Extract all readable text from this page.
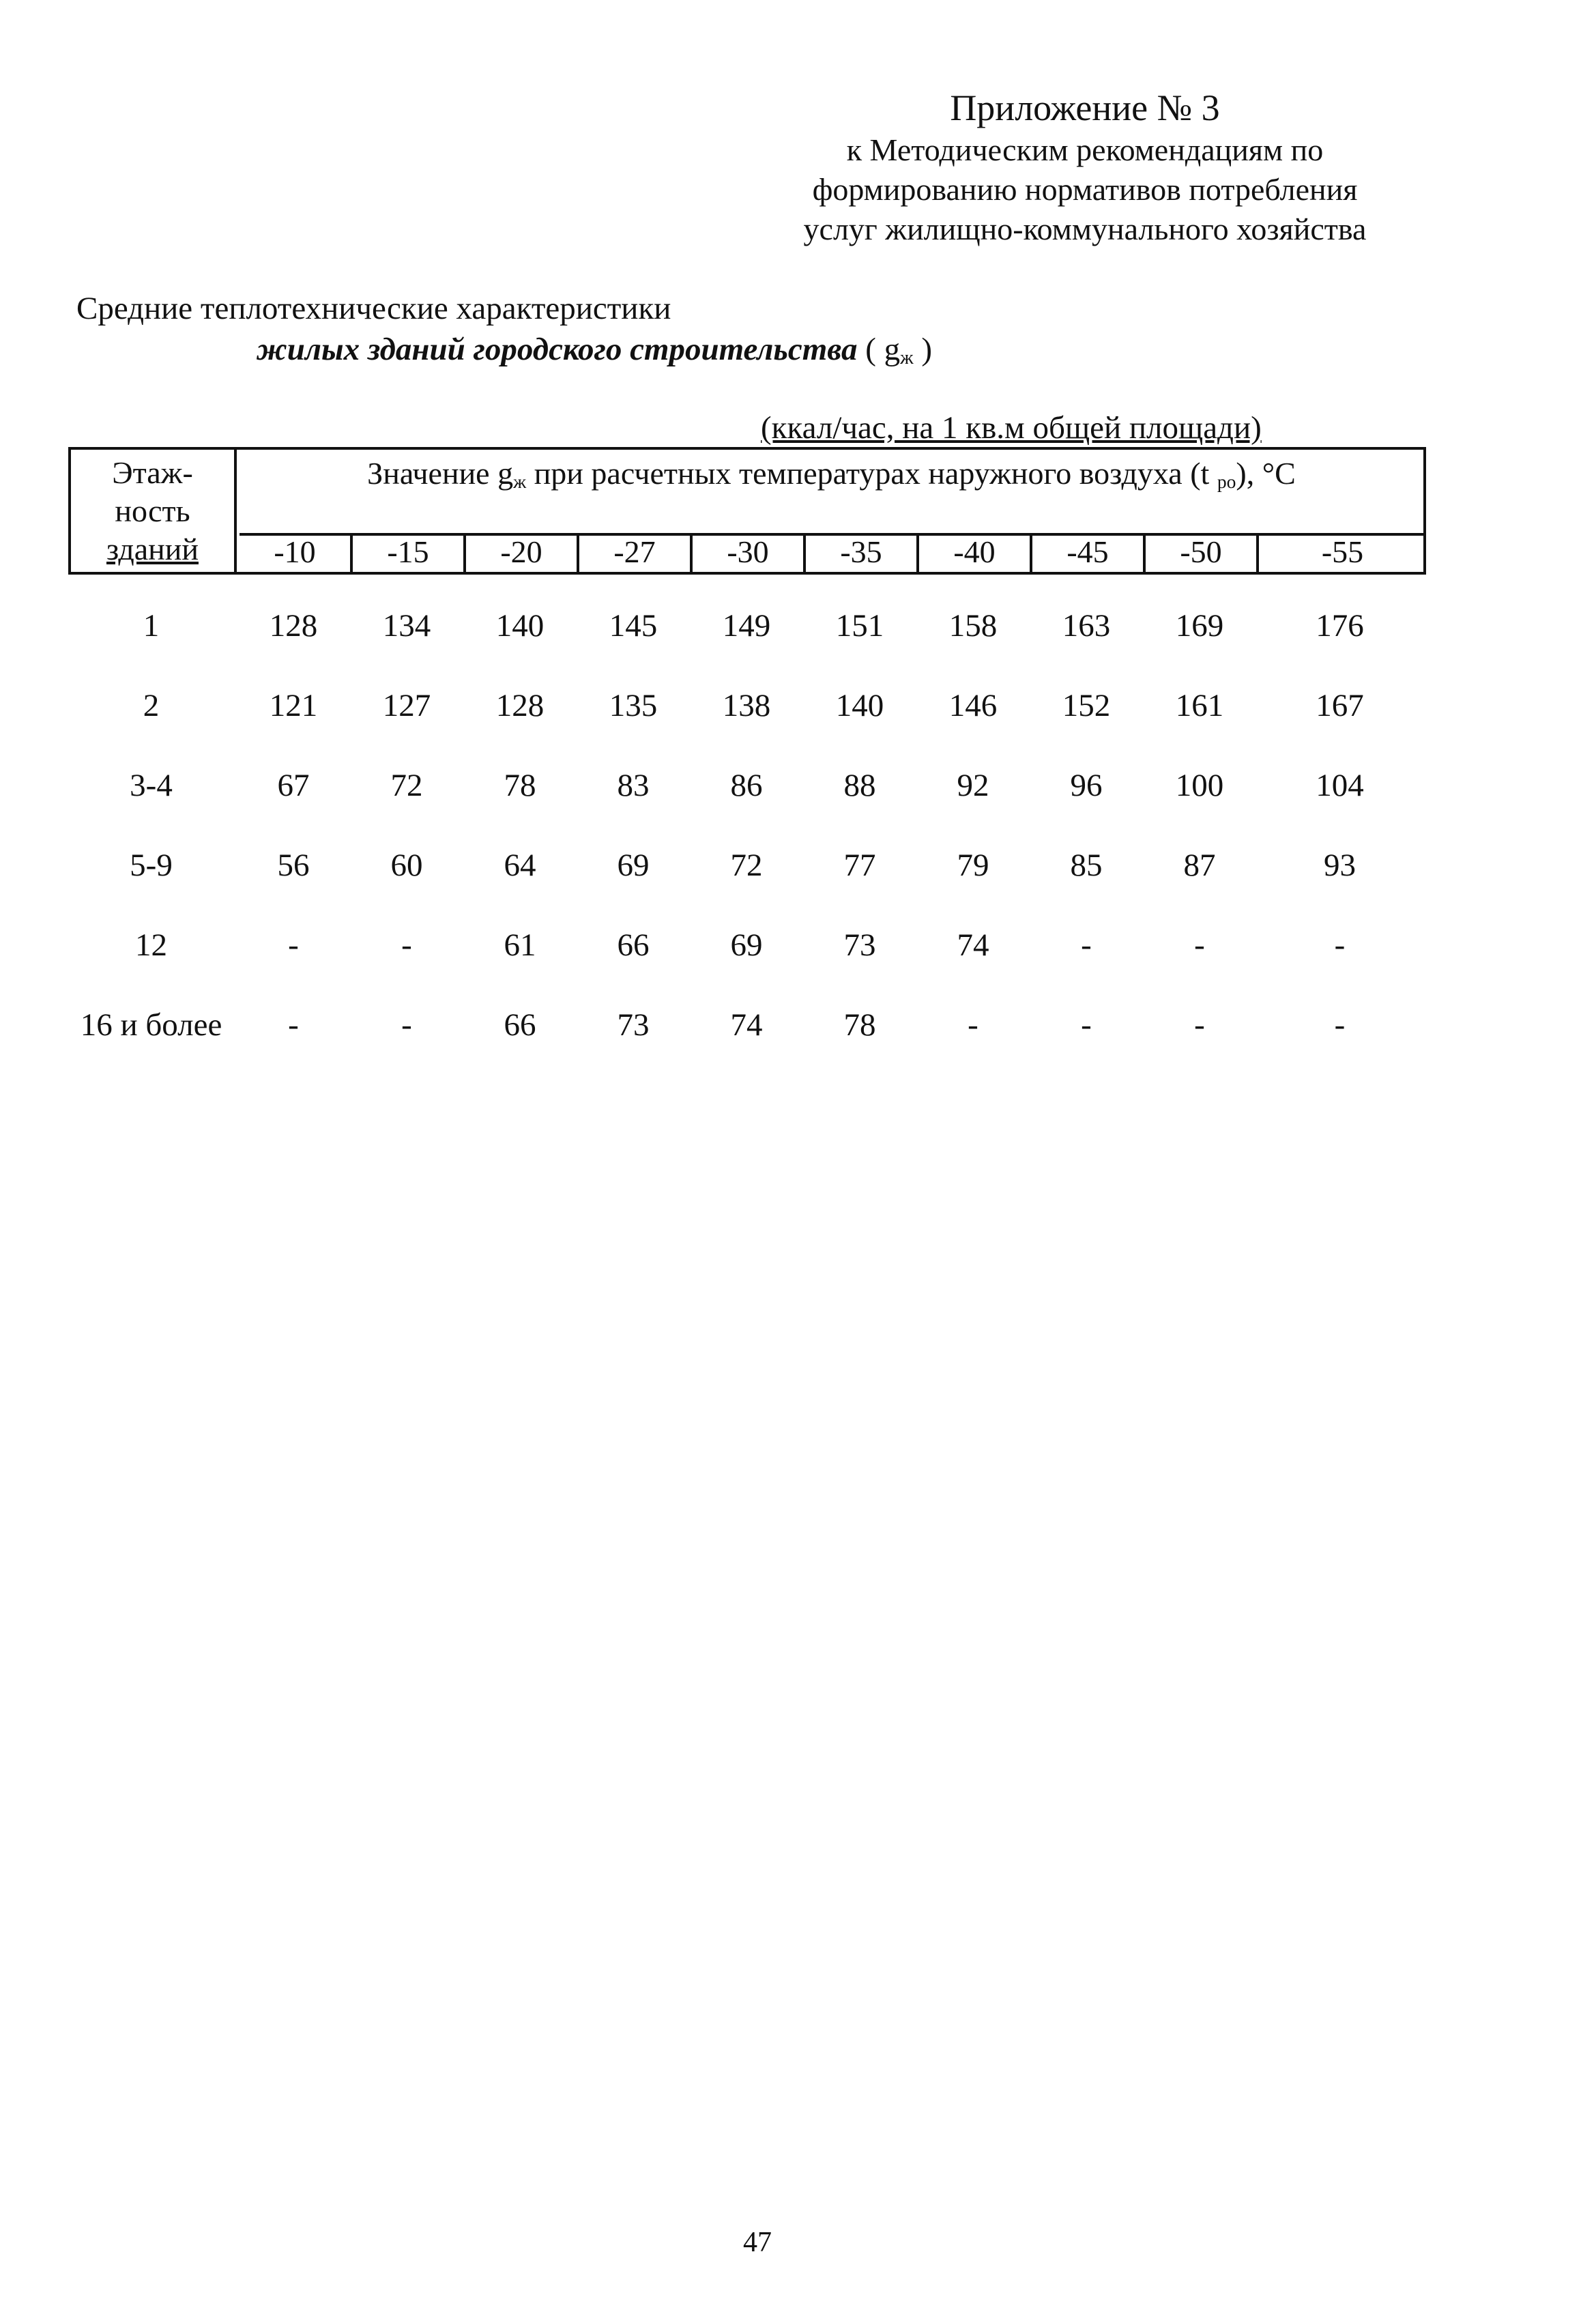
Приложение № 3
к Методическим рекомендациям по
формированию нормативов потребления
услуг жилищно-коммунального хозяйства
Средние теплотехнические характеристики
жилых зданий городского строительства ( $g_ж$ )
(ккал/час, на 1 кв.м общей площади)
Этаж-
ность
зданий
Значение $g_ж$ при расчетных температурах наружного воздуха (t $_{ро}$), °С
-10	-15	-20	-27	-30	-35	-40	-45	-50	-55
1	128	134	140	145	149	151	158	163	169	176
2	121	127	128	135	138	140	146	152	161	167
3-4	67	72	78	83	86	88	92	96	100	104
5-9	56	60	64	69	72	77	79	85	87	93
12	-	-	61	66	69	73	74	-	-	-
16 и более	-	-	66	73	74	78	-	-	-	-
47
